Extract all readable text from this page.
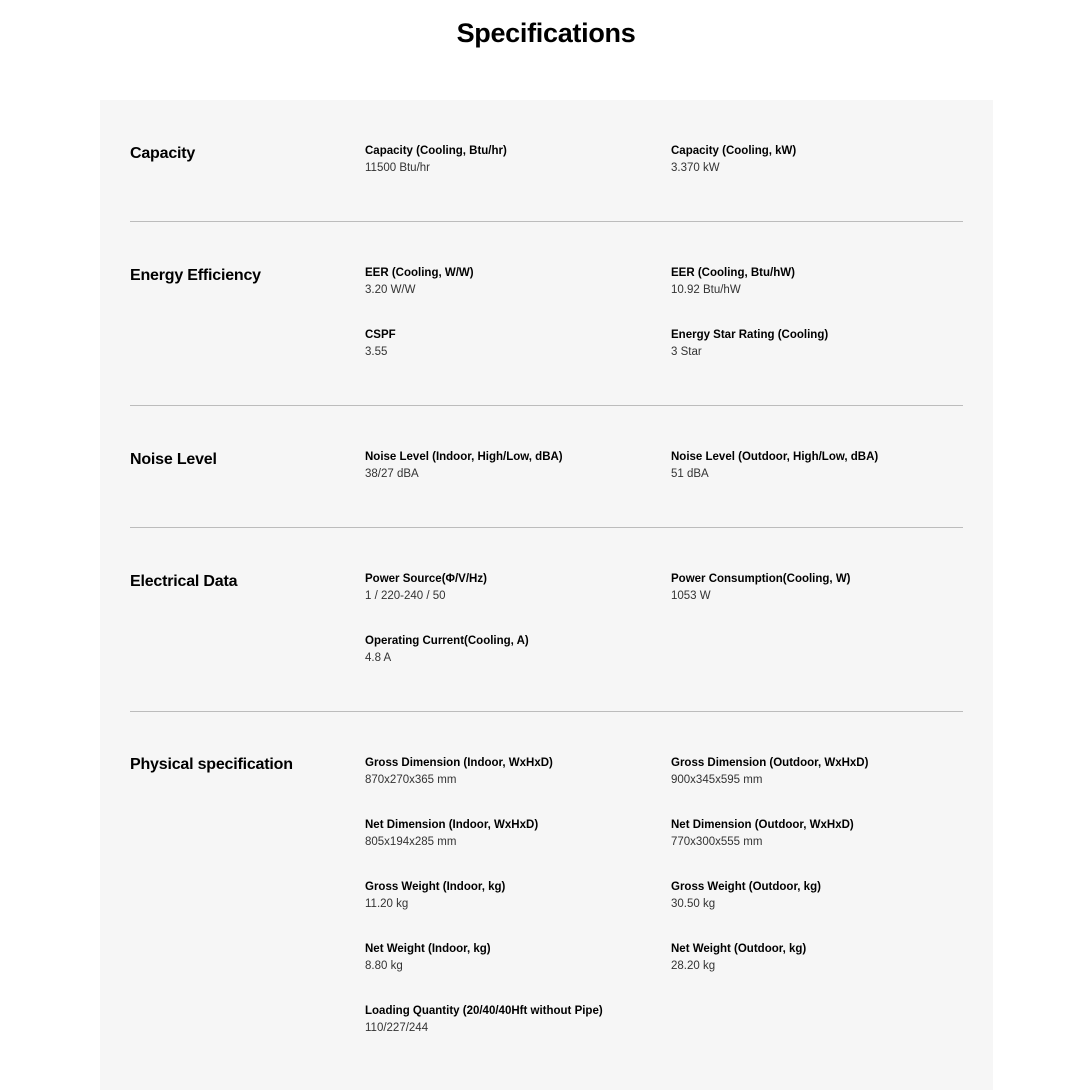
Specifications
Capacity	Capacity (Cooling, Btu/hr)
11500 Btu/hr
Capacity (Cooling, kW)
3.370 kW
Energy Efficiency	EER (Cooling, W/W)
3.20 W/W
EER (Cooling, Btu/hW)
10.92 Btu/hW
CSPF
3.55
Energy Star Rating (Cooling)
3 Star
Noise Level	Noise Level (Indoor, High/Low, dBA)
38/27 dBA
Noise Level (Outdoor, High/Low, dBA)
51 dBA
Electrical Data	Power Source(Φ/V/Hz)
1 / 220-240 / 50
Power Consumption(Cooling, W)
1053 W
Operating Current(Cooling, A)
4.8 A
Physical specification	Gross Dimension (Indoor, WxHxD)
870x270x365 mm
Gross Dimension (Outdoor, WxHxD)
900x345x595 mm
Net Dimension (Indoor, WxHxD)
805x194x285 mm
Net Dimension (Outdoor, WxHxD)
770x300x555 mm
Gross Weight (Indoor, kg)
11.20 kg
Gross Weight (Outdoor, kg)
30.50 kg
Net Weight (Indoor, kg)
8.80 kg
Net Weight (Outdoor, kg)
28.20 kg
Loading Quantity (20/40/40Hft without Pipe)
110/227/244
